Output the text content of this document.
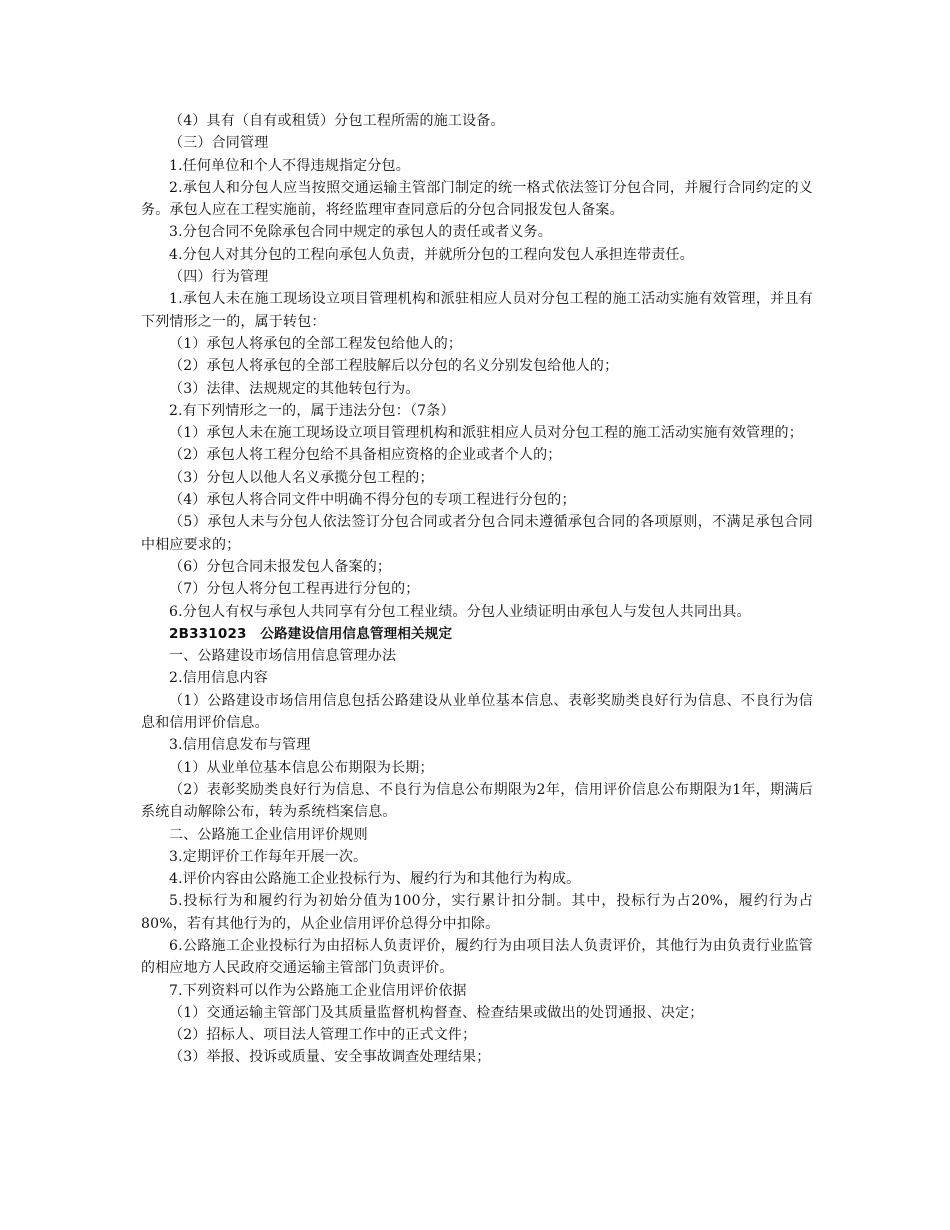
（4）具有（自有或租赁）分包工程所需的施工设备。

（三）合同管理

1.任何单位和个人不得违规指定分包。

2.承包人和分包人应当按照交通运输主管部门制定的统一格式依法签订分包合同，并履行合同约定的义务。承包人应在工程实施前，将经监理审查同意后的分包合同报发包人备案。

3.分包合同不免除承包合同中规定的承包人的责任或者义务。

4.分包人对其分包的工程向承包人负责，并就所分包的工程向发包人承担连带责任。

（四）行为管理

1.承包人未在施工现场设立项目管理机构和派驻相应人员对分包工程的施工活动实施有效管理，并且有下列情形之一的，属于转包：

（1）承包人将承包的全部工程发包给他人的；

（2）承包人将承包的全部工程肢解后以分包的名义分别发包给他人的；

（3）法律、法规规定的其他转包行为。

2.有下列情形之一的，属于违法分包：（7条）

（1）承包人未在施工现场设立项目管理机构和派驻相应人员对分包工程的施工活动实施有效管理的；

（2）承包人将工程分包给不具备相应资格的企业或者个人的；

（3）分包人以他人名义承揽分包工程的；

（4）承包人将合同文件中明确不得分包的专项工程进行分包的；

（5）承包人未与分包人依法签订分包合同或者分包合同未遵循承包合同的各项原则，不满足承包合同中相应要求的；

（6）分包合同未报发包人备案的；

（7）分包人将分包工程再进行分包的；

6.分包人有权与承包人共同享有分包工程业绩。分包人业绩证明由承包人与发包人共同出具。

2B331023　公路建设信用信息管理相关规定

一、公路建设市场信用信息管理办法

2.信用信息内容

（1）公路建设市场信用信息包括公路建设从业单位基本信息、表彰奖励类良好行为信息、不良行为信息和信用评价信息。

3.信用信息发布与管理

（1）从业单位基本信息公布期限为长期；

（2）表彰奖励类良好行为信息、不良行为信息公布期限为2年，信用评价信息公布期限为1年，期满后系统自动解除公布，转为系统档案信息。

二、公路施工企业信用评价规则

3.定期评价工作每年开展一次。

4.评价内容由公路施工企业投标行为、履约行为和其他行为构成。

5.投标行为和履约行为初始分值为100分，实行累计扣分制。其中，投标行为占20%，履约行为占80%，若有其他行为的，从企业信用评价总得分中扣除。

6.公路施工企业投标行为由招标人负责评价，履约行为由项目法人负责评价，其他行为由负责行业监管的相应地方人民政府交通运输主管部门负责评价。

7.下列资料可以作为公路施工企业信用评价依据

（1）交通运输主管部门及其质量监督机构督查、检查结果或做出的处罚通报、决定；

（2）招标人、项目法人管理工作中的正式文件；

（3）举报、投诉或质量、安全事故调查处理结果；
